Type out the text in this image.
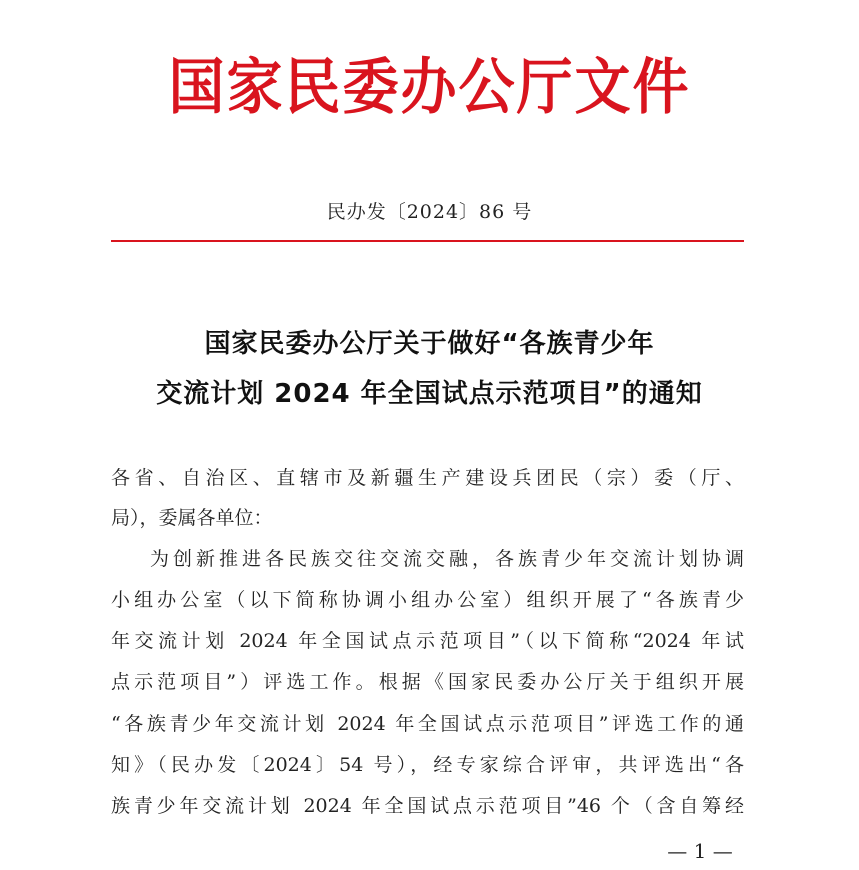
国家民委办公厅文件
民办发〔2024〕86 号
国家民委办公厅关于做好“各族青少年
交流计划 2024 年全国试点示范项目”的通知
各省、自治区、直辖市及新疆生产建设兵团民（宗）委（厅、
局），委属各单位：
为创新推进各民族交往交流交融，各族青少年交流计划协调
小组办公室（以下简称协调小组办公室）组织开展了“各族青少
年交流计划 2024 年全国试点示范项目”（以下简称“2024 年试
点示范项目”）评选工作。根据《国家民委办公厅关于组织开展
“各族青少年交流计划 2024 年全国试点示范项目”评选工作的通
知》（民办发〔2024〕54 号），经专家综合评审，共评选出“各
族青少年交流计划 2024 年全国试点示范项目”46 个（含自筹经
— 1 —
